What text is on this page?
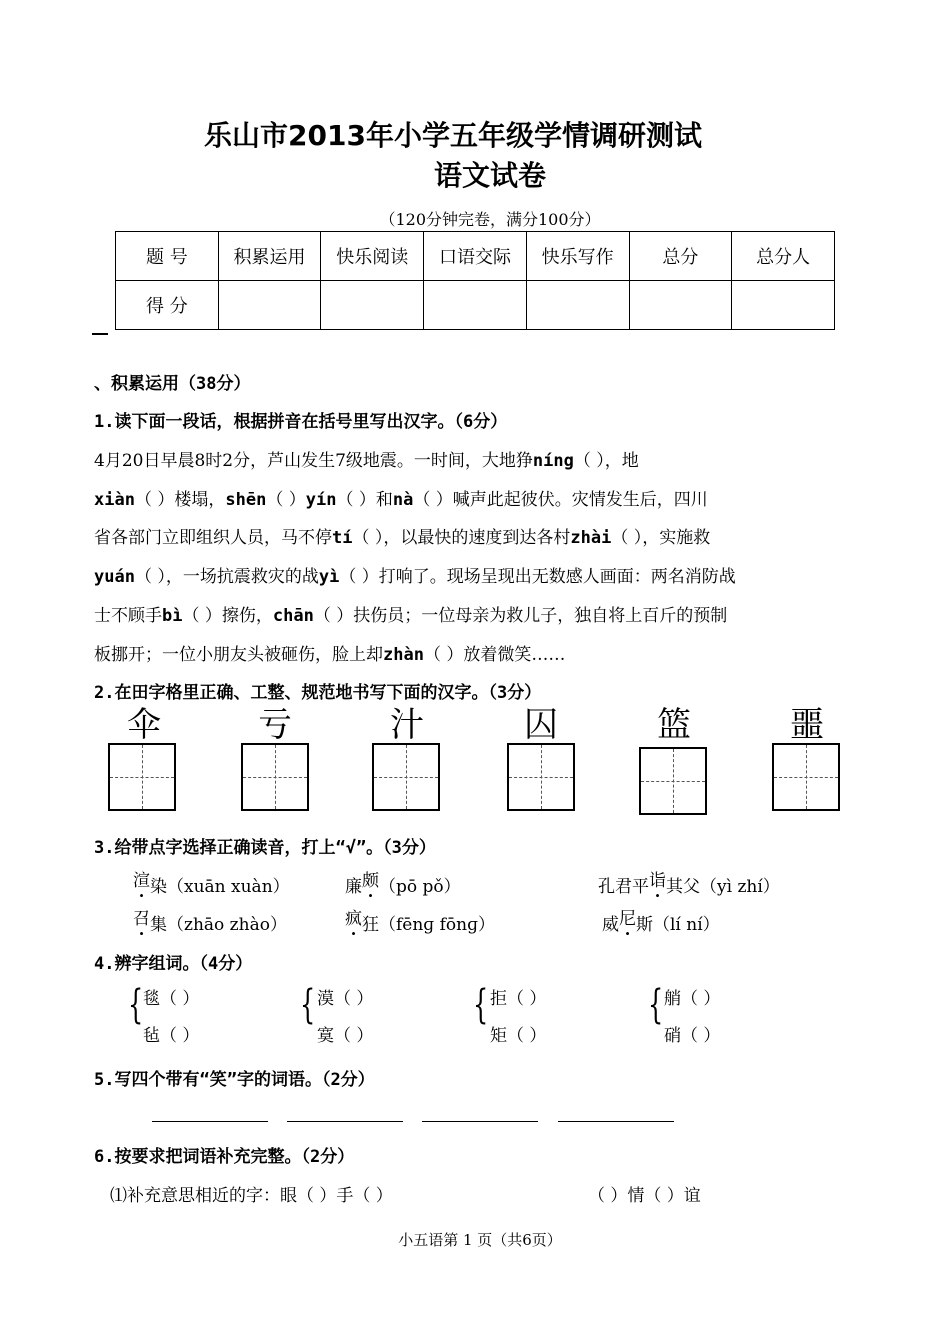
乐山市2013年小学五年级学情调研测试
语文试卷
（120分钟完卷，满分100分）
题 号	积累运用	快乐阅读	口语交际	快乐写作	总分	总分人
得 分						
、积累运用（38分）
1.读下面一段话，根据拼音在括号里写出汉字。（6分）
4月20日早晨8时2分，芦山发生7级地震。一时间，大地狰níng（ ），地
xiàn（ ）楼塌，shēn（ ）yín（ ）和nà（ ）喊声此起彼伏。灾情发生后，四川
省各部门立即组织人员，马不停tí（ ），以最快的速度到达各村zhài（ ），实施救
yuán（ ），一场抗震救灾的战yì（ ）打响了。现场呈现出无数感人画面：两名消防战
士不顾手bì（ ）擦伤，chān（ ）扶伤员；一位母亲为救儿子，独自将上百斤的预制
板挪开；一位小朋友头被砸伤，脸上却zhàn（ ）放着微笑……
2.在田字格里正确、工整、规范地书写下面的汉字。（3分）
伞	亏	汁	囚	篮	噩
3.给带点字选择正确读音，打上“√”。（3分）
渲染（xuān xuàn）	廉颇（pō pǒ）	孔君平诣其父（yì zhí）
召集（zhāo zhào）	疯狂（fēnɡ fōnɡ）	威尼斯（lí ní）
4.辨字组词。（4分）
{ 毯（ ）
毡（ ）
{ 漠（ ）
寞（ ）
{ 拒（ ）
矩（ ）
{ 艄（ ）
硝（ ）
5.写四个带有“笑”字的词语。（2分）
6.按要求把词语补充完整。（2分）
⑴补充意思相近的字：眼（ ）手（ ）	（ ）情（ ）谊
小五语第 1 页（共6页）
